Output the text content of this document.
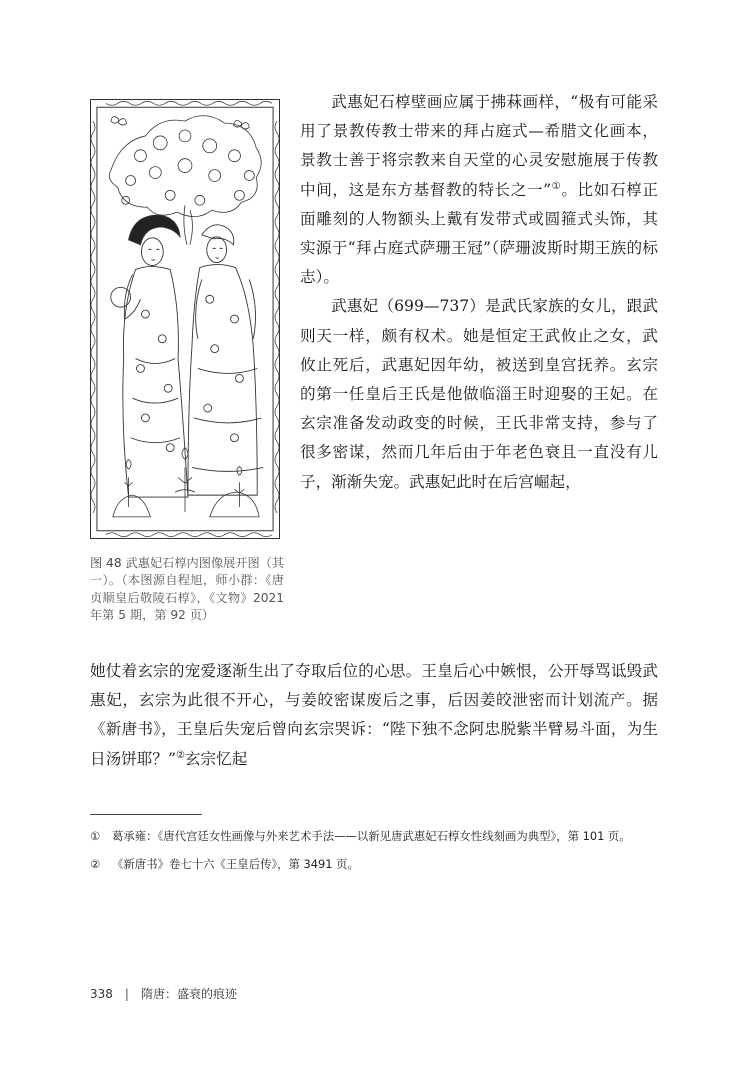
图 48 武惠妃石椁内图像展开图（其一）。（本图源自程旭，师小群：《唐贞顺皇后敬陵石椁》，《文物》2021 年第 5 期，第 92 页）

武惠妃石椁壁画应属于拂菻画样，“极有可能采用了景教传教士带来的拜占庭式—希腊文化画本，景教士善于将宗教来自天堂的心灵安慰施展于传教中间，这是东方基督教的特长之一”①。比如石椁正面雕刻的人物额头上戴有发带式或圆箍式头饰，其实源于“拜占庭式萨珊王冠”（萨珊波斯时期王族的标志）。

武惠妃（699—737）是武氏家族的女儿，跟武则天一样，颇有权术。她是恒定王武攸止之女，武攸止死后，武惠妃因年幼，被送到皇宫抚养。玄宗的第一任皇后王氏是他做临淄王时迎娶的王妃。在玄宗准备发动政变的时候，王氏非常支持，参与了很多密谋，然而几年后由于年老色衰且一直没有儿子，渐渐失宠。武惠妃此时在后宫崛起，

她仗着玄宗的宠爱逐渐生出了夺取后位的心思。王皇后心中嫉恨，公开辱骂诋毁武惠妃，玄宗为此很不开心，与姜皎密谋废后之事，后因姜皎泄密而计划流产。据《新唐书》，王皇后失宠后曾向玄宗哭诉：“陛下独不念阿忠脱紫半臂易斗面，为生日汤饼耶？”②玄宗忆起
①	葛承雍：《唐代宫廷女性画像与外来艺术手法——以新见唐武惠妃石椁女性线刻画为典型》，第 101 页。
②	《新唐书》卷七十六《王皇后传》，第 3491 页。
338 | 隋唐：盛衰的痕迹
